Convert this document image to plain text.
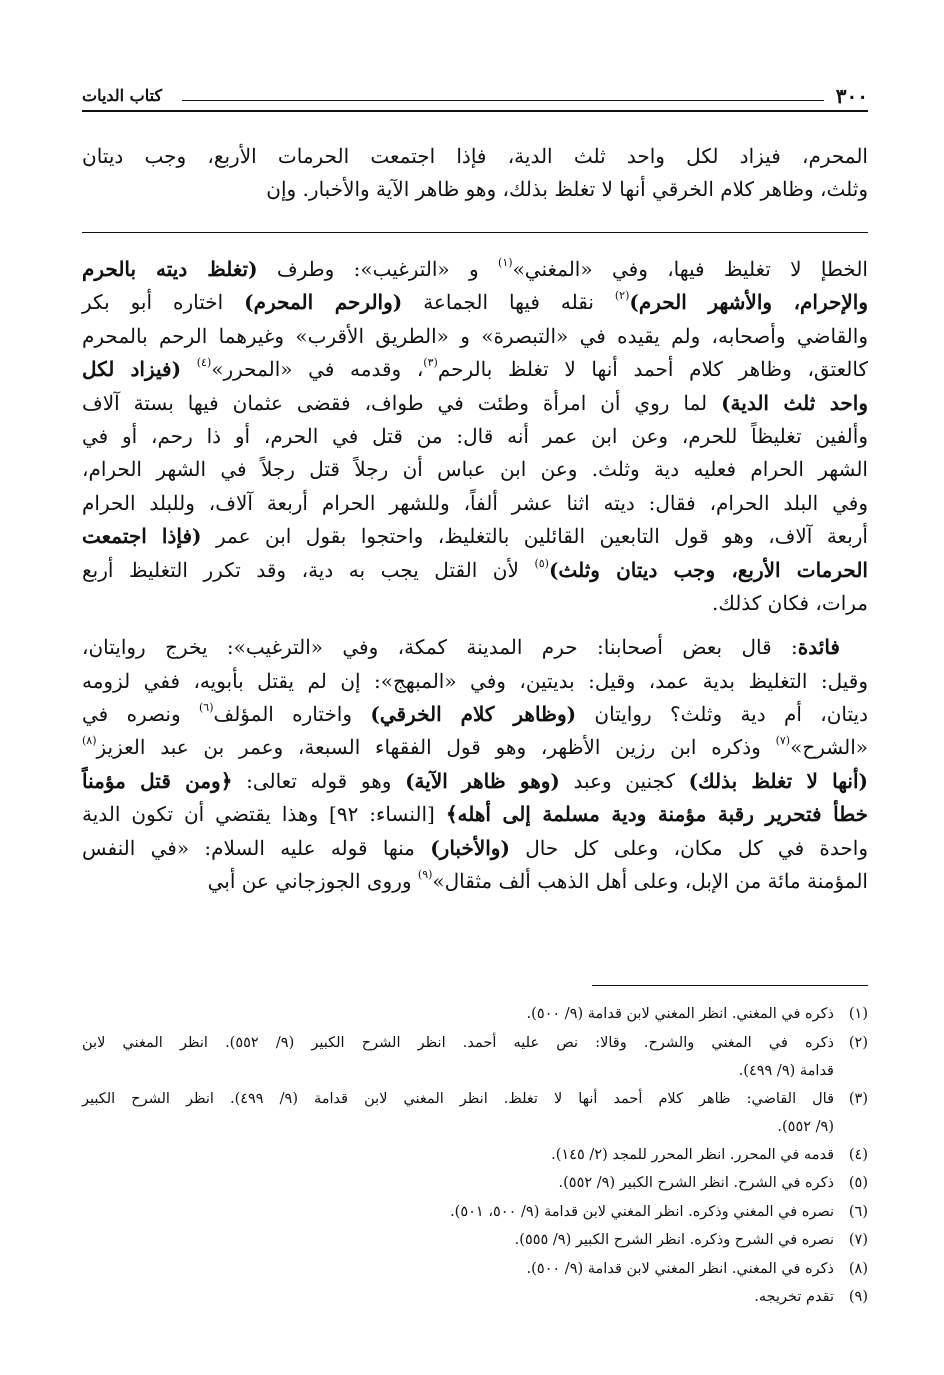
٣٠٠
كتاب الديات
المحرم، فيزاد لكل واحد ثلث الدية، فإذا اجتمعت الحرمات الأربع، وجب ديتان
وثلث، وظاهر كلام الخرقي أنها لا تغلظ بذلك، وهو ظاهر الآية والأخبار. وإن
الخطإ لا تغليظ فيها، وفي «المغني»$^{(١)}$ و «الترغيب»: وطرف (تغلظ ديته بالحرم
والإحرام، والأشهر الحرم)$^{(٢)}$ نقله فيها الجماعة (والرحم المحرم) اختاره أبو بكر
والقاضي وأصحابه، ولم يقيده في «التبصرة» و «الطريق الأقرب» وغيرهما الرحم بالمحرم
كالعتق، وظاهر كلام أحمد أنها لا تغلظ بالرحم$^{(٣)}$، وقدمه في «المحرر»$^{(٤)}$ (فيزاد لكل
واحد ثلث الدية) لما روي أن امرأة وطئت في طواف، فقضى عثمان فيها بستة آلاف
وألفين تغليظاً للحرم، وعن ابن عمر أنه قال: من قتل في الحرم، أو ذا رحم، أو في
الشهر الحرام فعليه دية وثلث. وعن ابن عباس أن رجلاً قتل رجلاً في الشهر الحرام،
وفي البلد الحرام، فقال: ديته اثنا عشر ألفاً، وللشهر الحرام أربعة آلاف، وللبلد الحرام
أربعة آلاف، وهو قول التابعين القائلين بالتغليظ، واحتجوا بقول ابن عمر (فإذا اجتمعت
الحرمات الأربع، وجب ديتان وثلث)$^{(٥)}$ لأن القتل يجب به دية، وقد تكرر التغليظ أربع
مرات، فكان كذلك.
فائدة: قال بعض أصحابنا: حرم المدينة كمكة، وفي «الترغيب»: يخرج روايتان،
وقيل: التغليظ بدية عمد، وقيل: بديتين، وفي «المبهج»: إن لم يقتل بأبويه، ففي لزومه
ديتان، أم دية وثلث؟ روايتان (وظاهر كلام الخرقي) واختاره المؤلف$^{(٦)}$ ونصره في
«الشرح»$^{(٧)}$ وذكره ابن رزين الأظهر، وهو قول الفقهاء السبعة، وعمر بن عبد العزيز$^{(٨)}$
(أنها لا تغلظ بذلك) كجنين وعبد (وهو ظاهر الآية) وهو قوله تعالى: ﴿ومن قتل مؤمناً
خطأ فتحرير رقبة مؤمنة ودية مسلمة إلى أهله﴾ [النساء: ٩٢] وهذا يقتضي أن تكون الدية
واحدة في كل مكان، وعلى كل حال (والأخبار) منها قوله عليه السلام: «في النفس
المؤمنة مائة من الإبل، وعلى أهل الذهب ألف مثقال»$^{(٩)}$ وروى الجوزجاني عن أبي
(١)
ذكره في المغني. انظر المغني لابن قدامة (٩/ ٥٠٠).
(٢)
ذكره في المغني والشرح. وقالا: نص عليه أحمد. انظر الشرح الكبير (٩/ ٥٥٢). انظر المغني لابن
قدامة (٩/ ٤٩٩).
(٣)
قال القاضي: ظاهر كلام أحمد أنها لا تغلظ. انظر المغني لابن قدامة (٩/ ٤٩٩). انظر الشرح الكبير
(٩/ ٥٥٢).
(٤)
قدمه في المحرر. انظر المحرر للمجد (٢/ ١٤٥).
(٥)
ذكره في الشرح. انظر الشرح الكبير (٩/ ٥٥٢).
(٦)
نصره في المغني وذكره. انظر المغني لابن قدامة (٩/ ٥٠٠، ٥٠١).
(٧)
نصره في الشرح وذكره. انظر الشرح الكبير (٩/ ٥٥٥).
(٨)
ذكره في المغني. انظر المغني لابن قدامة (٩/ ٥٠٠).
(٩)
تقدم تخريجه.
